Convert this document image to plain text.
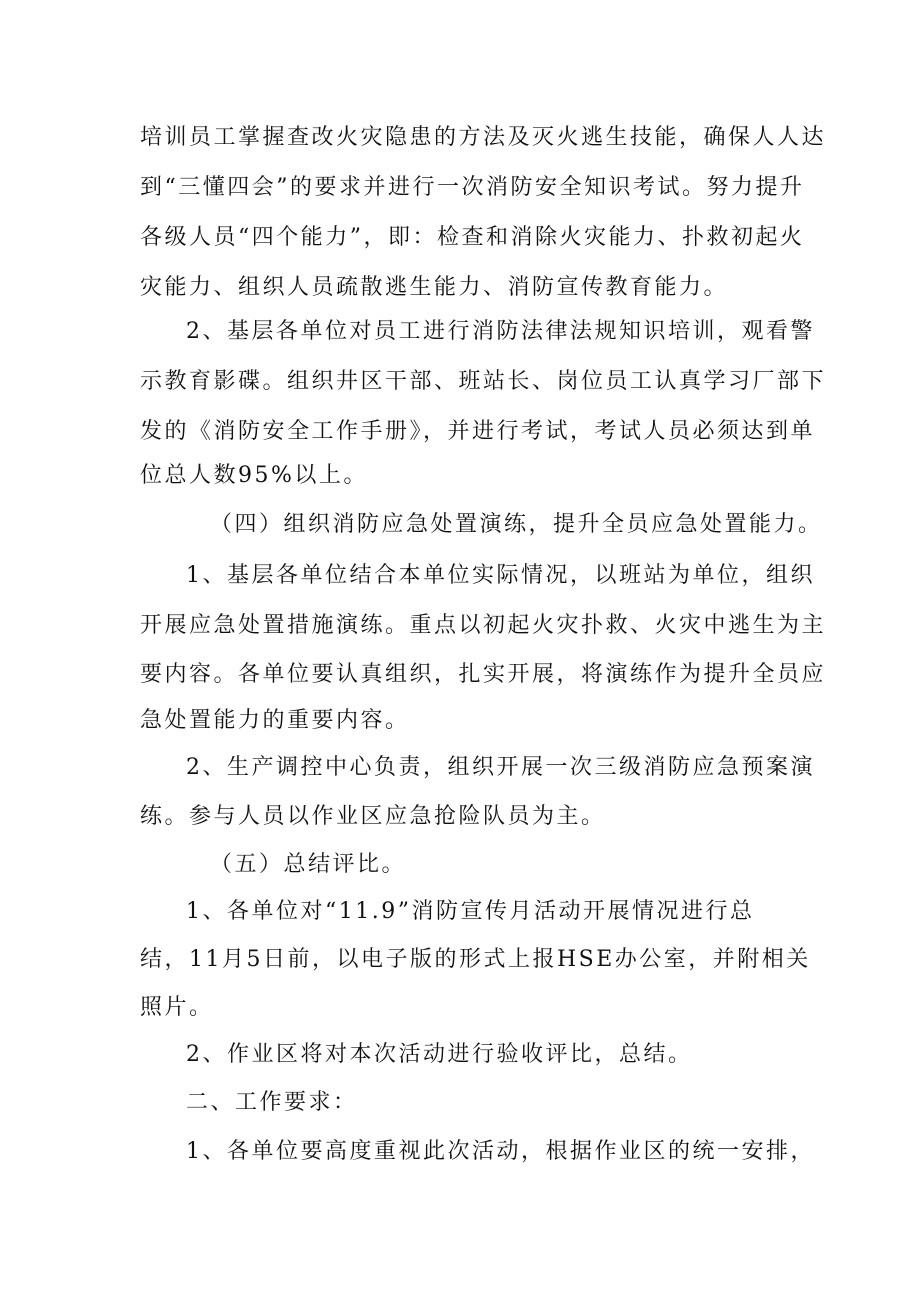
培训员工掌握查改火灾隐患的方法及灭火逃生技能，确保人人达
到“三懂四会”的要求并进行一次消防安全知识考试。努力提升
各级人员“四个能力”，即：检查和消除火灾能力、扑救初起火
灾能力、组织人员疏散逃生能力、消防宣传教育能力。
2、基层各单位对员工进行消防法律法规知识培训，观看警
示教育影碟。组织井区干部、班站长、岗位员工认真学习厂部下
发的《消防安全工作手册》，并进行考试，考试人员必须达到单
位总人数95%以上。
（四）组织消防应急处置演练，提升全员应急处置能力。
1、基层各单位结合本单位实际情况，以班站为单位，组织
开展应急处置措施演练。重点以初起火灾扑救、火灾中逃生为主
要内容。各单位要认真组织，扎实开展，将演练作为提升全员应
急处置能力的重要内容。
2、生产调控中心负责，组织开展一次三级消防应急预案演
练。参与人员以作业区应急抢险队员为主。
（五）总结评比。
1、各单位对“11.9”消防宣传月活动开展情况进行总
结，11月5日前，以电子版的形式上报HSE办公室，并附相关
照片。
2、作业区将对本次活动进行验收评比，总结。
二、工作要求：
1、各单位要高度重视此次活动，根据作业区的统一安排，
